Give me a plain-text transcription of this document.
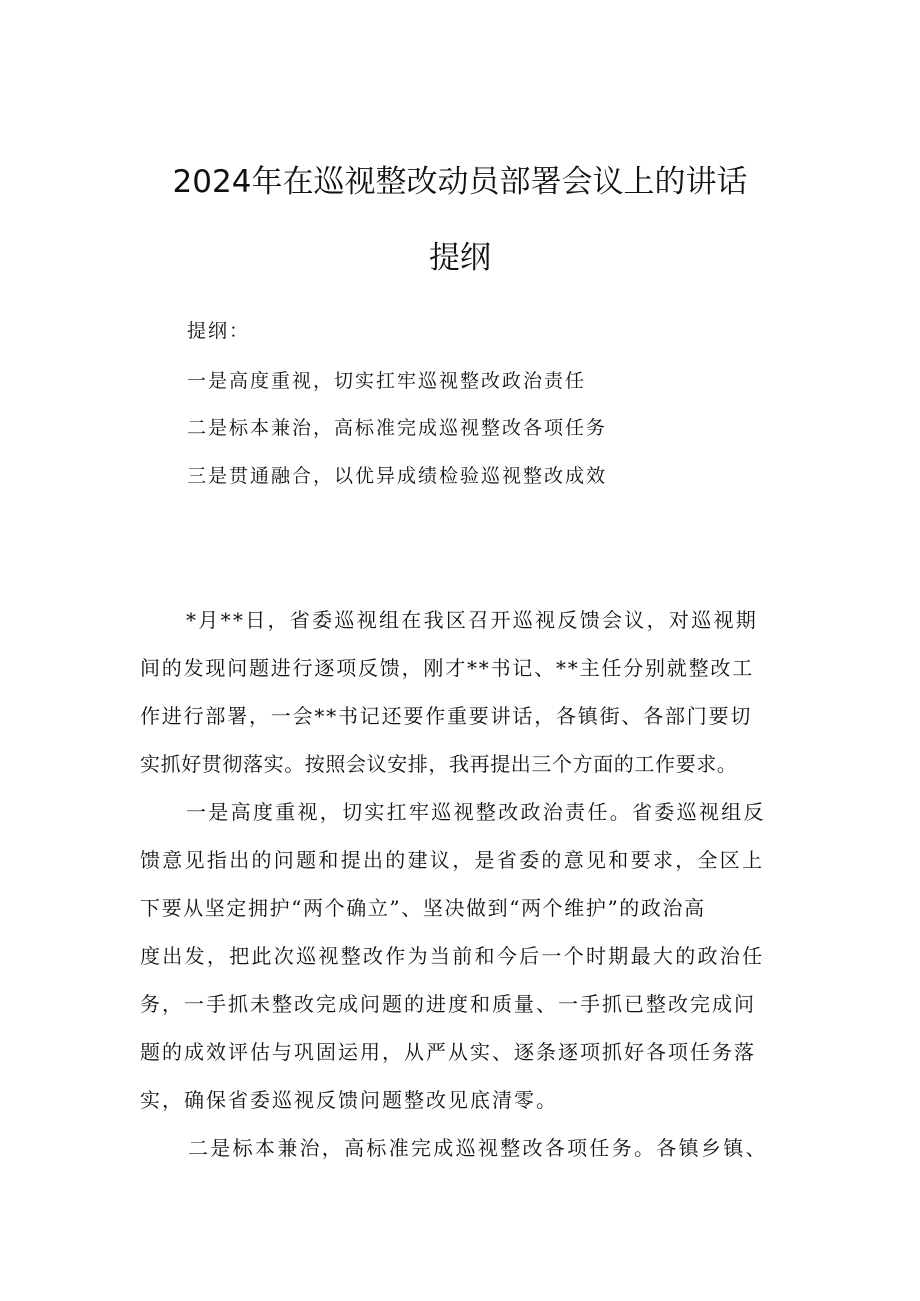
2024年在巡视整改动员部署会议上的讲话
提纲
提纲：
一是高度重视，切实扛牢巡视整改政治责任
二是标本兼治，高标准完成巡视整改各项任务
三是贯通融合，以优异成绩检验巡视整改成效
*月**日，省委巡视组在我区召开巡视反馈会议，对巡视期
间的发现问题进行逐项反馈，刚才**书记、**主任分别就整改工
作进行部署，一会**书记还要作重要讲话，各镇街、各部门要切
实抓好贯彻落实。按照会议安排，我再提出三个方面的工作要求。
一是高度重视，切实扛牢巡视整改政治责任。省委巡视组反
馈意见指出的问题和提出的建议，是省委的意见和要求，全区上
下要从坚定拥护“两个确立”、坚决做到“两个维护”的政治高
度出发，把此次巡视整改作为当前和今后一个时期最大的政治任
务，一手抓未整改完成问题的进度和质量、一手抓已整改完成问
题的成效评估与巩固运用，从严从实、逐条逐项抓好各项任务落
实，确保省委巡视反馈问题整改见底清零。
二是标本兼治，高标准完成巡视整改各项任务。各镇乡镇、
